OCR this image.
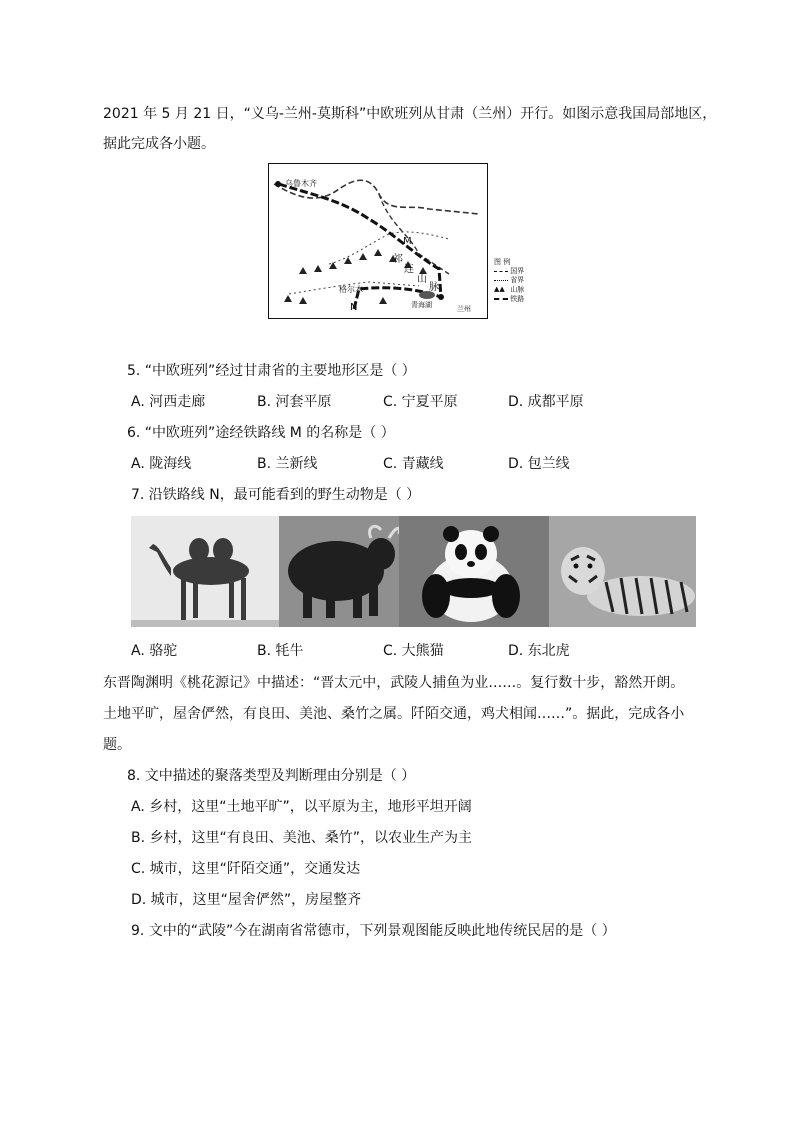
2021 年 5 月 21 日，“义乌-兰州-莫斯科”中欧班列从甘肃（兰州）开行。如图示意我国局部地区，
据此完成各小题。
乌鲁木齐
M
N
祁
连
山
脉
格尔木
青海湖	兰州
图 例
国界
省界
▲▲ 山脉
铁路
5. “中欧班列”经过甘肃省的主要地形区是（ ）
A. 河西走廊	B. 河套平原	C. 宁夏平原	D. 成都平原
6. “中欧班列”途经铁路线 M 的名称是（ ）
A. 陇海线	B. 兰新线	C. 青藏线	D. 包兰线
7. 沿铁路线 N，最可能看到的野生动物是（ ）
A. 骆驼	B. 牦牛	C. 大熊猫	D. 东北虎
东晋陶渊明《桃花源记》中描述：“晋太元中，武陵人捕鱼为业……。复行数十步，豁然开朗。
土地平旷，屋舍俨然，有良田、美池、桑竹之属。阡陌交通，鸡犬相闻……”。据此，完成各小
题。
8. 文中描述的聚落类型及判断理由分别是（ ）
A. 乡村，这里“土地平旷”，以平原为主，地形平坦开阔
B. 乡村，这里“有良田、美池、桑竹”，以农业生产为主
C. 城市，这里“阡陌交通”，交通发达
D. 城市，这里“屋舍俨然”，房屋整齐
9. 文中的“武陵”今在湖南省常德市，下列景观图能反映此地传统民居的是（ ）
